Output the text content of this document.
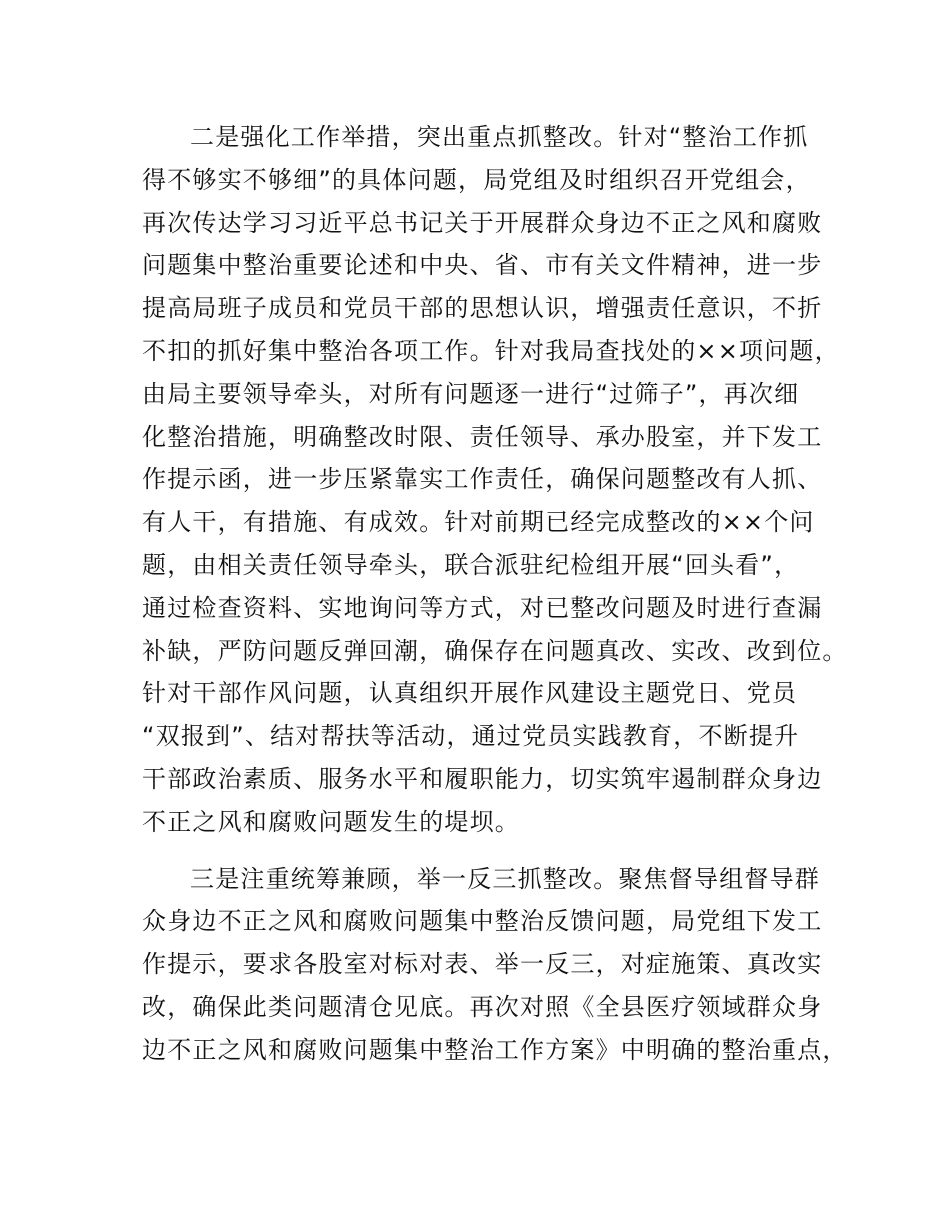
二是强化工作举措，突出重点抓整改。针对“整治工作抓
得不够实不够细”的具体问题，局党组及时组织召开党组会，
再次传达学习习近平总书记关于开展群众身边不正之风和腐败
问题集中整治重要论述和中央、省、市有关文件精神，进一步
提高局班子成员和党员干部的思想认识，增强责任意识，不折
不扣的抓好集中整治各项工作。针对我局查找处的××项问题，
由局主要领导牵头，对所有问题逐一进行“过筛子”，再次细
化整治措施，明确整改时限、责任领导、承办股室，并下发工
作提示函，进一步压紧靠实工作责任，确保问题整改有人抓、
有人干，有措施、有成效。针对前期已经完成整改的××个问
题，由相关责任领导牵头，联合派驻纪检组开展“回头看”，
通过检查资料、实地询问等方式，对已整改问题及时进行查漏
补缺，严防问题反弹回潮，确保存在问题真改、实改、改到位。
针对干部作风问题，认真组织开展作风建设主题党日、党员
“双报到”、结对帮扶等活动，通过党员实践教育，不断提升
干部政治素质、服务水平和履职能力，切实筑牢遏制群众身边
不正之风和腐败问题发生的堤坝。
三是注重统筹兼顾，举一反三抓整改。聚焦督导组督导群
众身边不正之风和腐败问题集中整治反馈问题，局党组下发工
作提示，要求各股室对标对表、举一反三，对症施策、真改实
改，确保此类问题清仓见底。再次对照《全县医疗领域群众身
边不正之风和腐败问题集中整治工作方案》中明确的整治重点，
